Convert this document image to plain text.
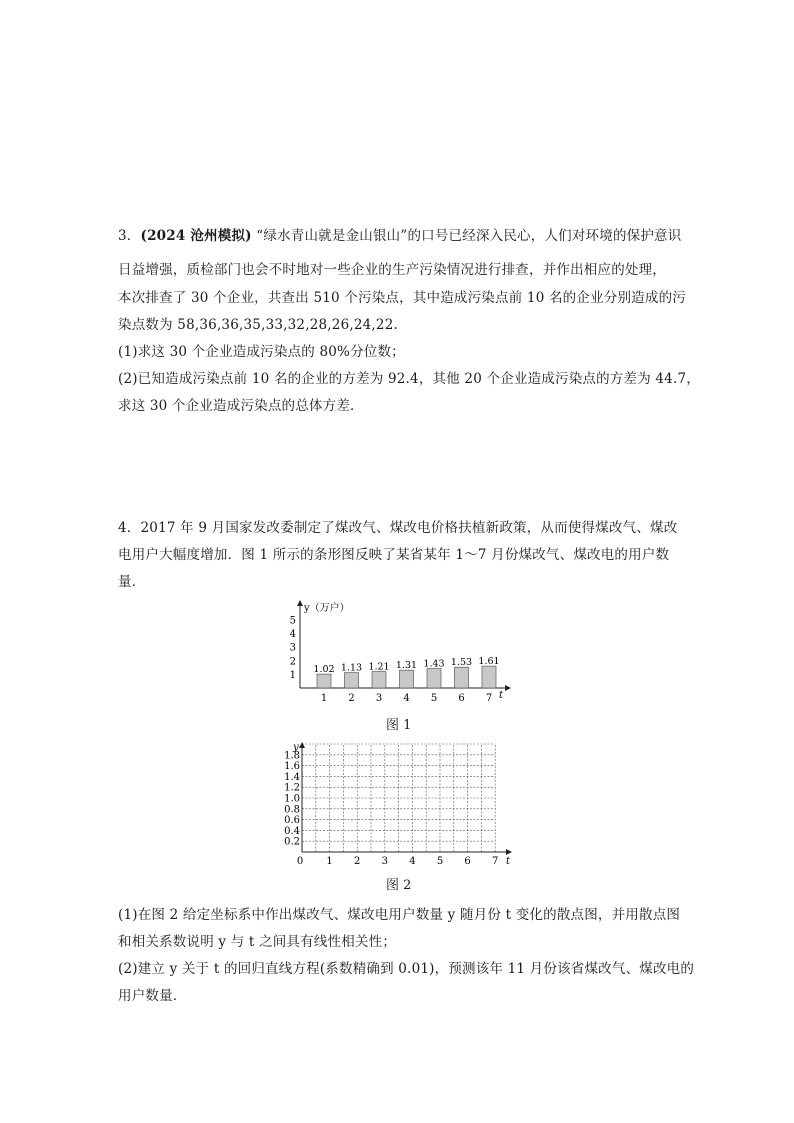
3．(2024 沧州模拟) “绿水青山就是金山银山”的口号已经深入民心，人们对环境的保护意识
日益增强，质检部门也会不时地对一些企业的生产污染情况进行排查，并作出相应的处理，
本次排查了 30 个企业，共查出 510 个污染点，其中造成污染点前 10 名的企业分别造成的污
染点数为 58,36,36,35,33,32,28,26,24,22.
(1)求这 30 个企业造成污染点的 80%分位数；
(2)已知造成污染点前 10 名的企业的方差为 92.4，其他 20 个企业造成污染点的方差为 44.7，
求这 30 个企业造成污染点的总体方差．
4．2017 年 9 月国家发改委制定了煤改气、煤改电价格扶植新政策，从而使得煤改气、煤改
电用户大幅度增加．图 1 所示的条形图反映了某省某年 1～7 月份煤改气、煤改电的用户数
量．
y（万户）
t
1
2
3
4
5
1.02
1
1.13
2
1.21
3
1.31
4
1.43
5
1.53
6
1.61
7
图 1
y
t
0.2
0.4
0.6
0.8
1.0
1.2
1.4
1.6
1.8
0 1 2 3 4 5 6 7
图 2
(1)在图 2 给定坐标系中作出煤改气、煤改电用户数量 y 随月份 t 变化的散点图，并用散点图
和相关系数说明 y 与 t 之间具有线性相关性；
(2)建立 y 关于 t 的回归直线方程(系数精确到 0.01)，预测该年 11 月份该省煤改气、煤改电的
用户数量．
